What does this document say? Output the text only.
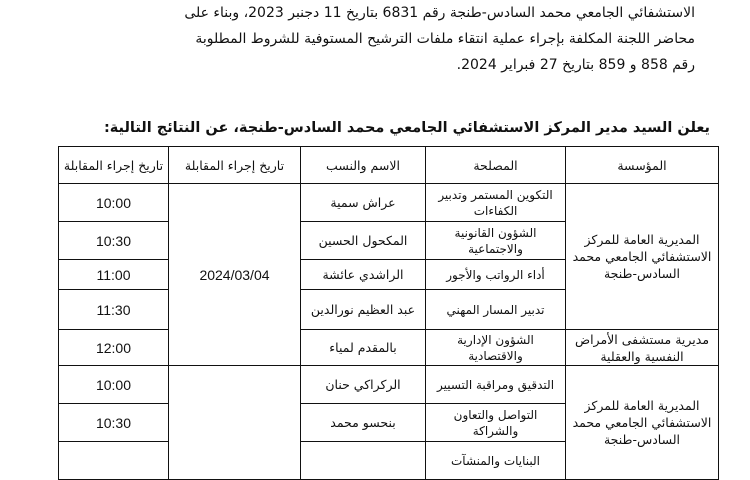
الاستشفائي الجامعي محمد السادس-طنجة رقم 6831 بتاريخ 11 دجنبر 2023، وبناء على
محاضر اللجنة المكلفة بإجراء عملية انتقاء ملفات الترشيح المستوفية للشروط المطلوبة
رقم 858 و 859 بتاريخ 27 فبراير 2024.
يعلن السيد مدير المركز الاستشفائي الجامعي محمد السادس-طنجة، عن النتائج التالية:
تاريخ إجراء المقابلة	تاريخ إجراء المقابلة	الاسم والنسب	المصلحة	المؤسسة
10:00	2024/03/04	عراش سمية	التكوين المستمر وتدبير الكفاءات	المديرية العامة للمركز الاستشفائي الجامعي محمد السادس-طنجة
10:30		المكحول الحسين	الشؤون القانونية والاجتماعية	
11:00		الراشدي عائشة	أداء الرواتب والأجور	
11:30		عبد العظيم نورالدين	تدبير المسار المهني	
12:00		بالمقدم لمياء	الشؤون الإدارية والاقتصادية	مديرية مستشفى الأمراض النفسية والعقلية
10:00		الركراكي حنان	التدقيق ومراقبة التسيير	المديرية العامة للمركز الاستشفائي الجامعي محمد السادس-طنجة
10:30		بنحسو محمد	التواصل والتعاون والشراكة	
			البنايات والمنشآت	
